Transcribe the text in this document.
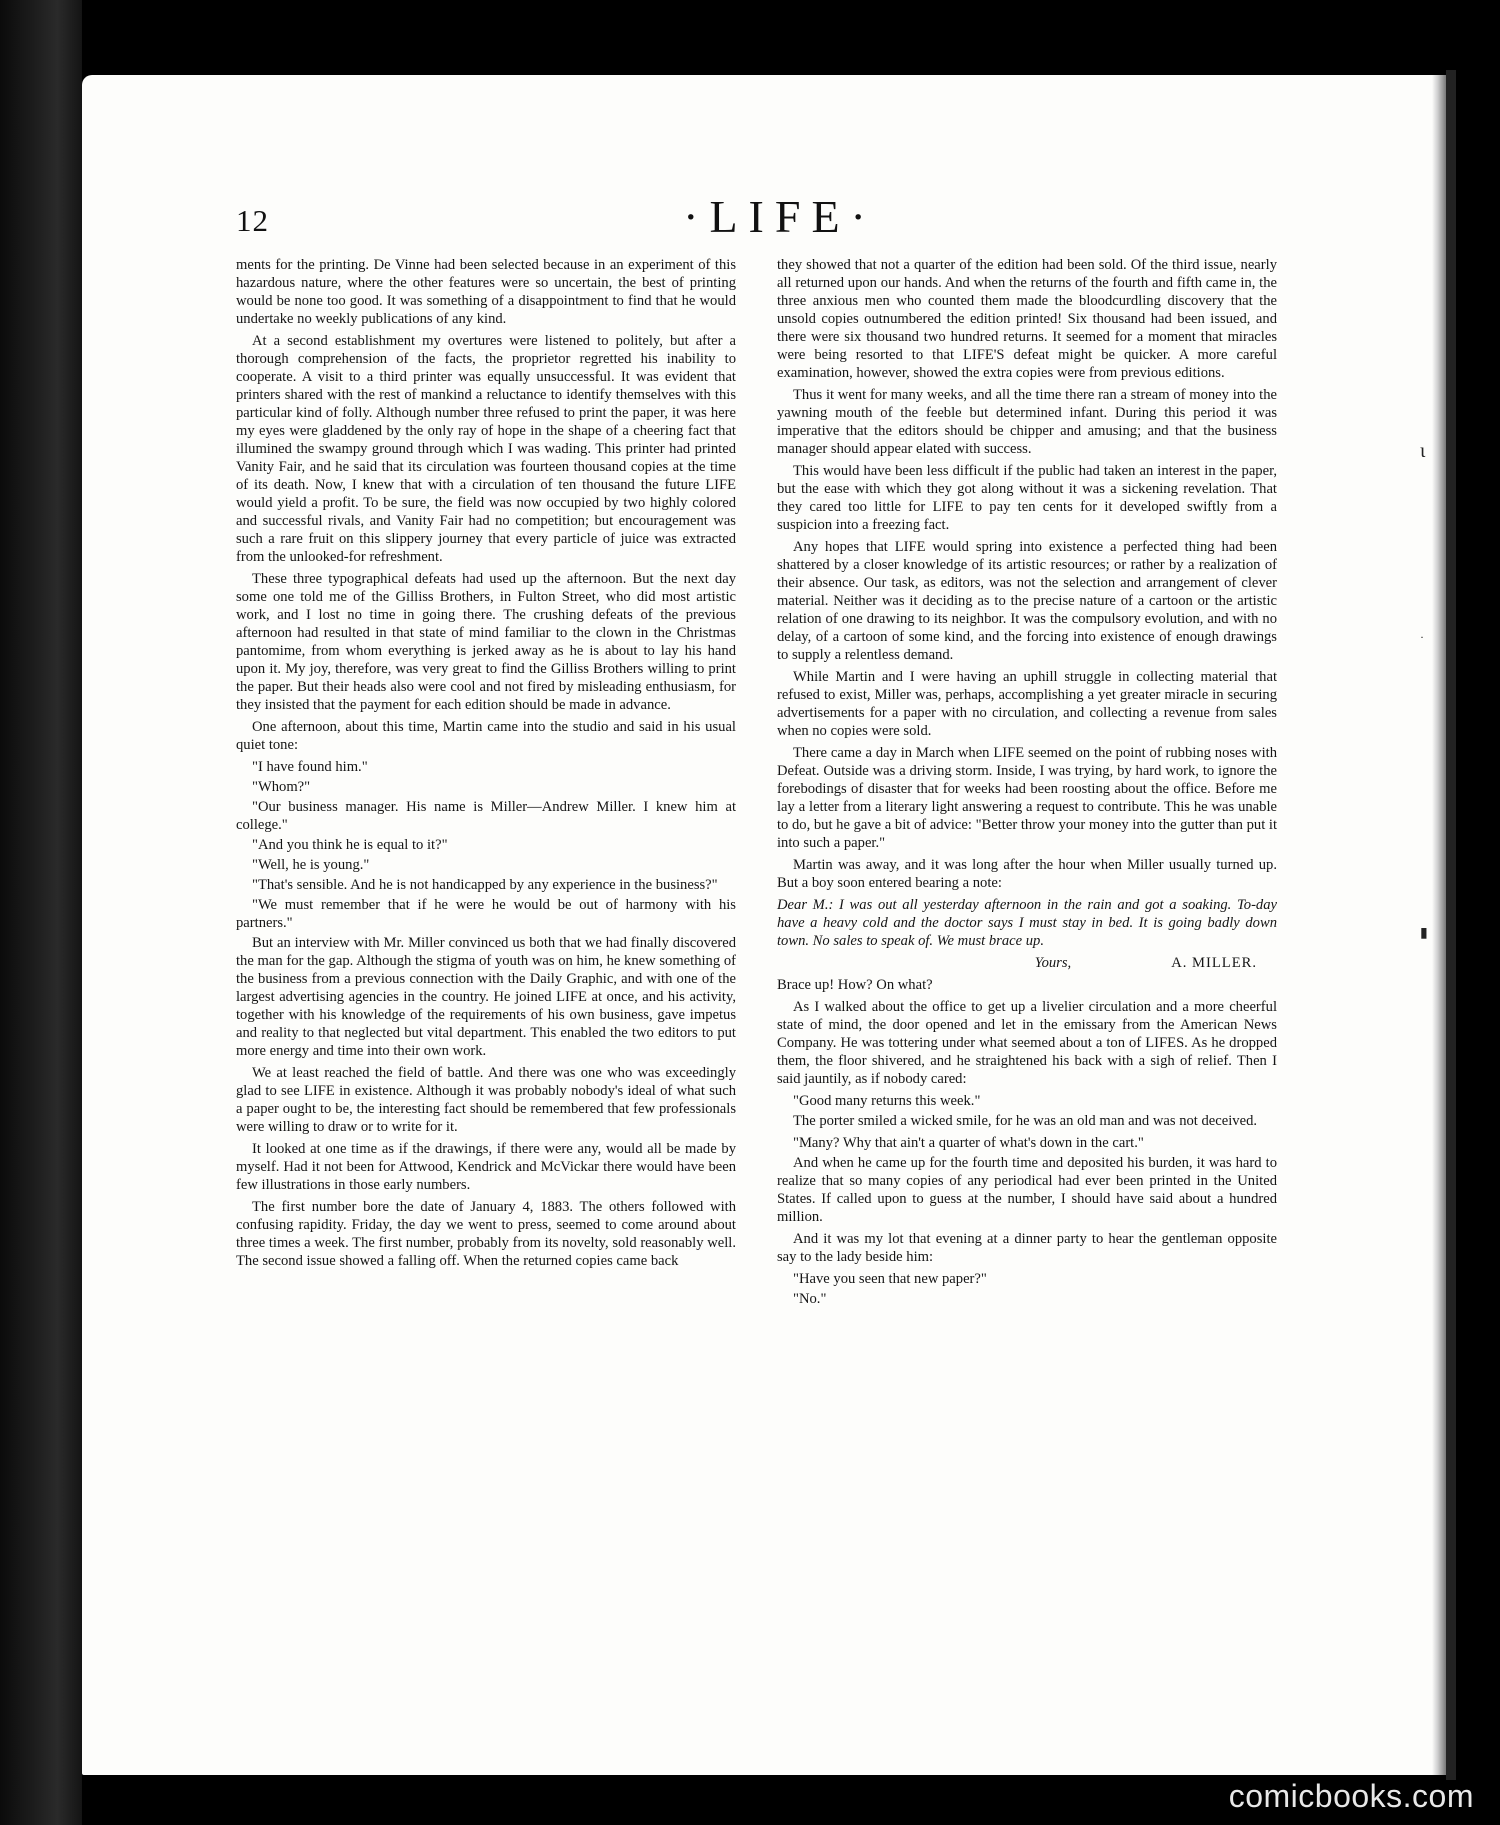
12	·LIFE·

ments for the printing. De Vinne had been selected because in an experiment of this hazardous nature, where the other features were so uncertain, the best of printing would be none too good. It was something of a disappointment to find that he would undertake no weekly publications of any kind.

At a second establishment my overtures were listened to politely, but after a thorough comprehension of the facts, the proprietor regretted his inability to cooperate. A visit to a third printer was equally unsuccessful. It was evident that printers shared with the rest of mankind a reluctance to identify themselves with this particular kind of folly. Although number three refused to print the paper, it was here my eyes were gladdened by the only ray of hope in the shape of a cheering fact that illumined the swampy ground through which I was wading. This printer had printed Vanity Fair, and he said that its circulation was fourteen thousand copies at the time of its death. Now, I knew that with a circulation of ten thousand the future LIFE would yield a profit. To be sure, the field was now occupied by two highly colored and successful rivals, and Vanity Fair had no competition; but encouragement was such a rare fruit on this slippery journey that every particle of juice was extracted from the unlooked-for refreshment.

These three typographical defeats had used up the afternoon. But the next day some one told me of the Gilliss Brothers, in Fulton Street, who did most artistic work, and I lost no time in going there. The crushing defeats of the previous afternoon had resulted in that state of mind familiar to the clown in the Christmas pantomime, from whom everything is jerked away as he is about to lay his hand upon it. My joy, therefore, was very great to find the Gilliss Brothers willing to print the paper. But their heads also were cool and not fired by misleading enthusiasm, for they insisted that the payment for each edition should be made in advance.

One afternoon, about this time, Martin came into the studio and said in his usual quiet tone:

"I have found him."

"Whom?"

"Our business manager. His name is Miller—Andrew Miller. I knew him at college."

"And you think he is equal to it?"

"Well, he is young."

"That's sensible. And he is not handicapped by any experience in the business?"

"We must remember that if he were he would be out of harmony with his partners."

But an interview with Mr. Miller convinced us both that we had finally discovered the man for the gap. Although the stigma of youth was on him, he knew something of the business from a previous connection with the Daily Graphic, and with one of the largest advertising agencies in the country. He joined LIFE at once, and his activity, together with his knowledge of the requirements of his own business, gave impetus and reality to that neglected but vital department. This enabled the two editors to put more energy and time into their own work.

We at least reached the field of battle. And there was one who was exceedingly glad to see LIFE in existence. Although it was probably nobody's ideal of what such a paper ought to be, the interesting fact should be remembered that few professionals were willing to draw or to write for it.

It looked at one time as if the drawings, if there were any, would all be made by myself. Had it not been for Attwood, Kendrick and McVickar there would have been few illustrations in those early numbers.

The first number bore the date of January 4, 1883. The others followed with confusing rapidity. Friday, the day we went to press, seemed to come around about three times a week. The first number, probably from its novelty, sold reasonably well. The second issue showed a falling off. When the returned copies came back

they showed that not a quarter of the edition had been sold. Of the third issue, nearly all returned upon our hands. And when the returns of the fourth and fifth came in, the three anxious men who counted them made the bloodcurdling discovery that the unsold copies outnumbered the edition printed! Six thousand had been issued, and there were six thousand two hundred returns. It seemed for a moment that miracles were being resorted to that LIFE'S defeat might be quicker. A more careful examination, however, showed the extra copies were from previous editions.

Thus it went for many weeks, and all the time there ran a stream of money into the yawning mouth of the feeble but determined infant. During this period it was imperative that the editors should be chipper and amusing; and that the business manager should appear elated with success.

This would have been less difficult if the public had taken an interest in the paper, but the ease with which they got along without it was a sickening revelation. That they cared too little for LIFE to pay ten cents for it developed swiftly from a suspicion into a freezing fact.

Any hopes that LIFE would spring into existence a perfected thing had been shattered by a closer knowledge of its artistic resources; or rather by a realization of their absence. Our task, as editors, was not the selection and arrangement of clever material. Neither was it deciding as to the precise nature of a cartoon or the artistic relation of one drawing to its neighbor. It was the compulsory evolution, and with no delay, of a cartoon of some kind, and the forcing into existence of enough drawings to supply a relentless demand.

While Martin and I were having an uphill struggle in collecting material that refused to exist, Miller was, perhaps, accomplishing a yet greater miracle in securing advertisements for a paper with no circulation, and collecting a revenue from sales when no copies were sold.

There came a day in March when LIFE seemed on the point of rubbing noses with Defeat. Outside was a driving storm. Inside, I was trying, by hard work, to ignore the forebodings of disaster that for weeks had been roosting about the office. Before me lay a letter from a literary light answering a request to contribute. This he was unable to do, but he gave a bit of advice: "Better throw your money into the gutter than put it into such a paper."

Martin was away, and it was long after the hour when Miller usually turned up. But a boy soon entered bearing a note:

Dear M.: I was out all yesterday afternoon in the rain and got a soaking. To-day have a heavy cold and the doctor says I must stay in bed. It is going badly down town. No sales to speak of. We must brace up.

Yours,	A. MILLER.

Brace up! How? On what?

As I walked about the office to get up a livelier circulation and a more cheerful state of mind, the door opened and let in the emissary from the American News Company. He was tottering under what seemed about a ton of LIFES. As he dropped them, the floor shivered, and he straightened his back with a sigh of relief. Then I said jauntily, as if nobody cared:

"Good many returns this week."

The porter smiled a wicked smile, for he was an old man and was not deceived.

"Many? Why that ain't a quarter of what's down in the cart."

And when he came up for the fourth time and deposited his burden, it was hard to realize that so many copies of any periodical had ever been printed in the United States. If called upon to guess at the number, I should have said about a hundred million.

And it was my lot that evening at a dinner party to hear the gentleman opposite say to the lady beside him:

"Have you seen that new paper?"

"No."

ɩ
·
▮
comicbooks.com
